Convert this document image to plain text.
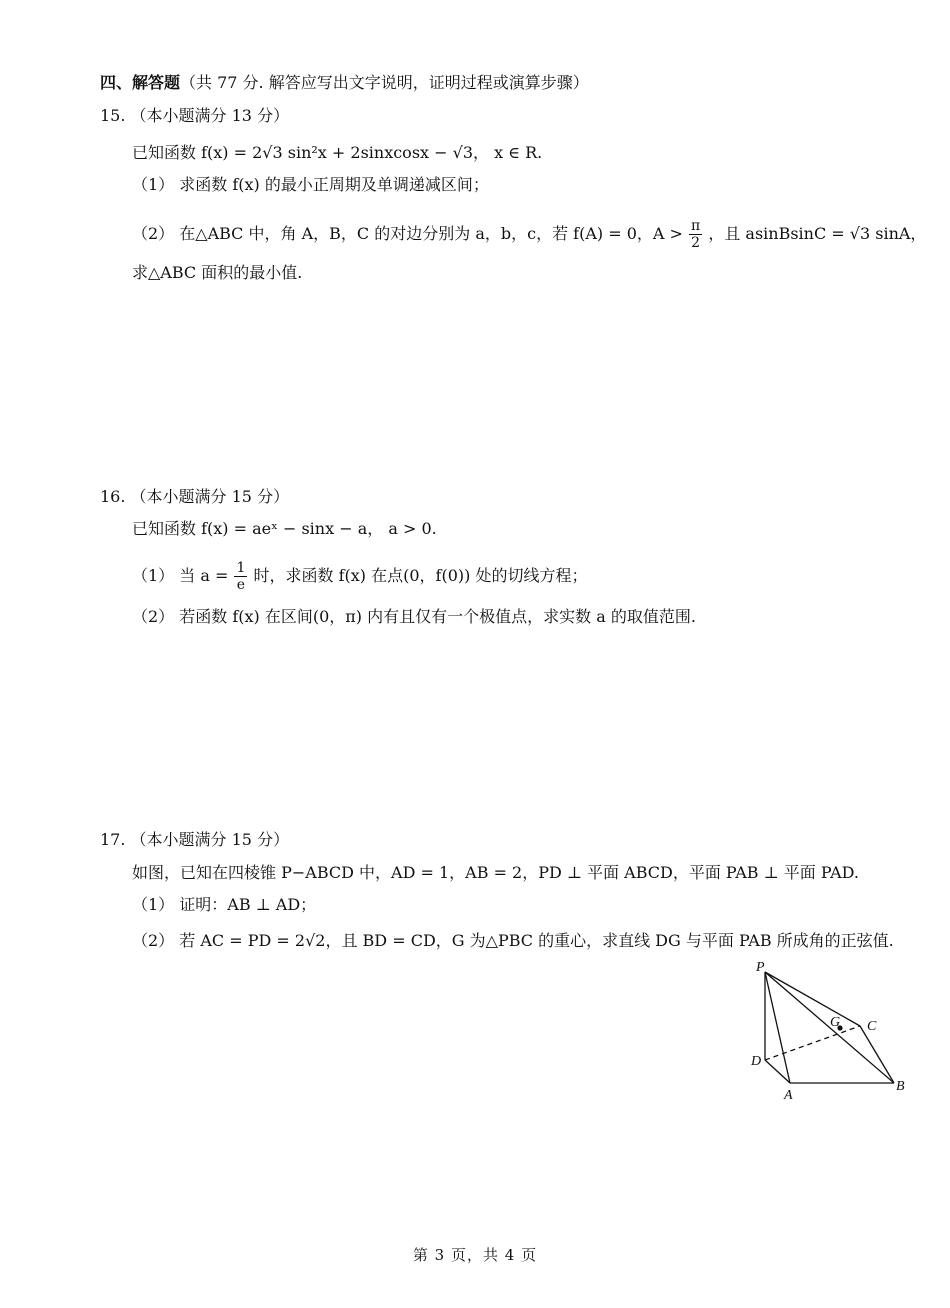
四、解答题（共 77 分. 解答应写出文字说明，证明过程或演算步骤）
15. （本小题满分 13 分）
已知函数 f(x) = 2√3 sin²x + 2sinxcosx − √3， x ∈ R.
（1） 求函数 f(x) 的最小正周期及单调递减区间；
（2） 在△ABC 中，角 A，B，C 的对边分别为 a，b，c，若 f(A) = 0，$A > \frac{\pi}{2}$ ，且 asinBsinC = √3 sinA，
求△ABC 面积的最小值.
16. （本小题满分 15 分）
已知函数 f(x) = aeˣ − sinx − a， a > 0.
（1） 当 $a = \frac{1}{e}$ 时，求函数 f(x) 在点(0，f(0)) 处的切线方程；
（2） 若函数 f(x) 在区间(0，π) 内有且仅有一个极值点，求实数 a 的取值范围.
17. （本小题满分 15 分）
如图，已知在四棱锥 P−ABCD 中，AD = 1，AB = 2，PD ⊥ 平面 ABCD，平面 PAB ⊥ 平面 PAD.
（1） 证明：AB ⊥ AD；
（2） 若 AC = PD = 2√2，且 BD = CD，G 为△PBC 的重心，求直线 DG 与平面 PAB 所成角的正弦值.
P
D
A
B
C
G
第 3 页，共 4 页
